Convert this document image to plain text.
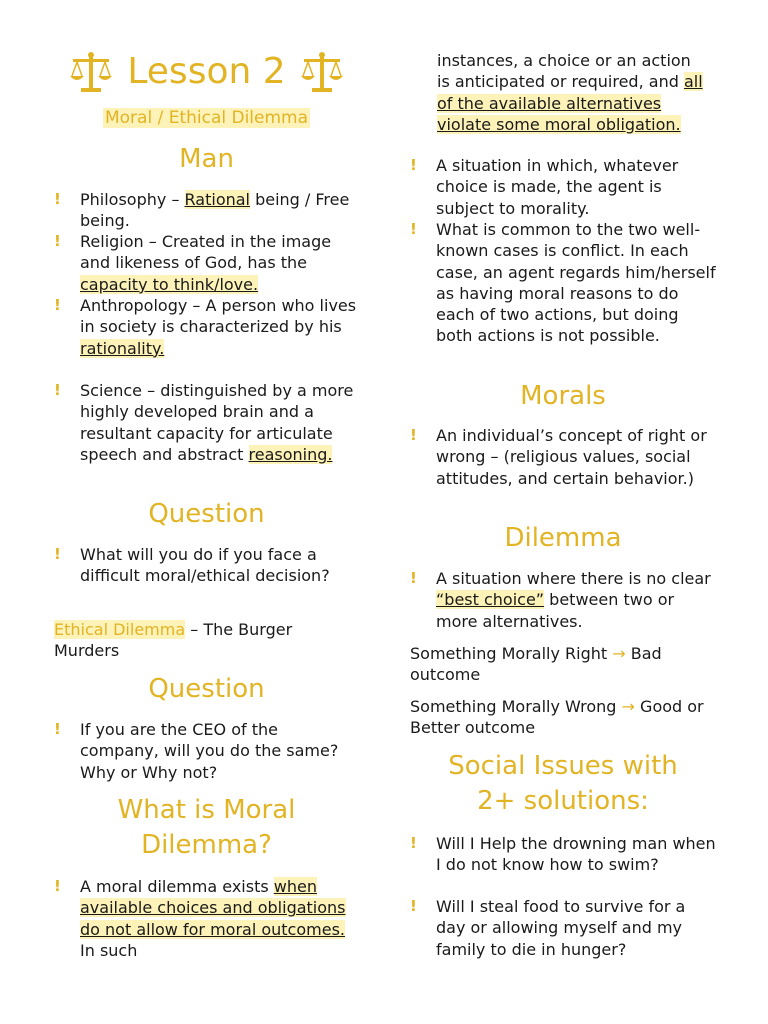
Lesson 2
Moral / Ethical Dilemma
Man
! Philosophy – Rational being / Free being.
! Religion – Created in the image and likeness of God, has the capacity to think/love.
! Anthropology – A person who lives in society is characterized by his rationality.
! Science – distinguished by a more highly developed brain and a resultant capacity for articulate speech and abstract reasoning.
Question
! What will you do if you face a difficult moral/ethical decision?
Ethical Dilemma – The Burger Murders
Question
! If you are the CEO of the company, will you do the same? Why or Why not?
What is Moral
Dilemma?
! A moral dilemma exists when available choices and obligations do not allow for moral outcomes. In such
instances, a choice or an action is anticipated or required, and all of the available alternatives violate some moral obligation.
! A situation in which, whatever choice is made, the agent is subject to morality.
! What is common to the two well-known cases is conflict. In each case, an agent regards him/herself as having moral reasons to do each of two actions, but doing both actions is not possible.
Morals
! An individual’s concept of right or wrong – (religious values, social attitudes, and certain behavior.)
Dilemma
! A situation where there is no clear “best choice” between two or more alternatives.
Something Morally Right → Bad outcome
Something Morally Wrong → Good or Better outcome
Social Issues with
2+ solutions:
! Will I Help the drowning man when I do not know how to swim?
! Will I steal food to survive for a day or allowing myself and my family to die in hunger?
